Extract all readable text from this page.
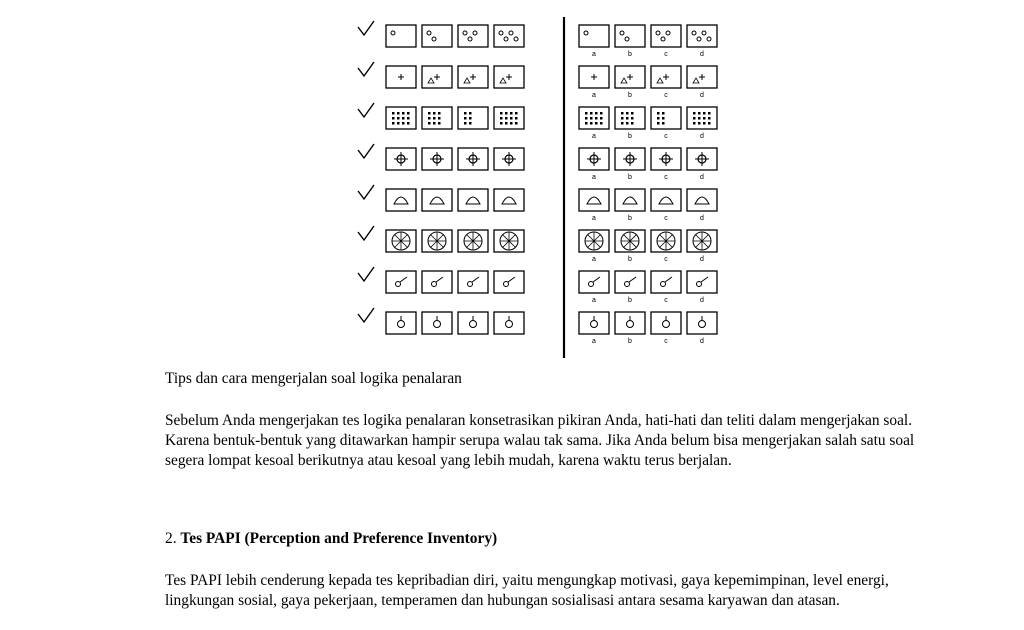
a	b	c	d
a	b	c	d
a	b	c	d
a	b	c	d
a	b	c	d
a	b	c	d
a	b	c	d
a	b	c	d
Tips dan cara mengerjalan soal logika penalaran
Sebelum Anda mengerjakan tes logika penalaran konsetrasikan pikiran Anda, hati-hati dan teliti dalam mengerjakan soal. Karena bentuk-bentuk yang ditawarkan hampir serupa walau tak sama. Jika Anda belum bisa mengerjakan salah satu soal segera lompat kesoal berikutnya atau kesoal yang lebih mudah, karena waktu terus berjalan.
2. Tes PAPI (Perception and Preference Inventory)
Tes PAPI lebih cenderung kepada tes kepribadian diri, yaitu mengungkap motivasi, gaya kepemimpinan, level energi, lingkungan sosial, gaya pekerjaan, temperamen dan hubungan sosialisasi antara sesama karyawan dan atasan.
